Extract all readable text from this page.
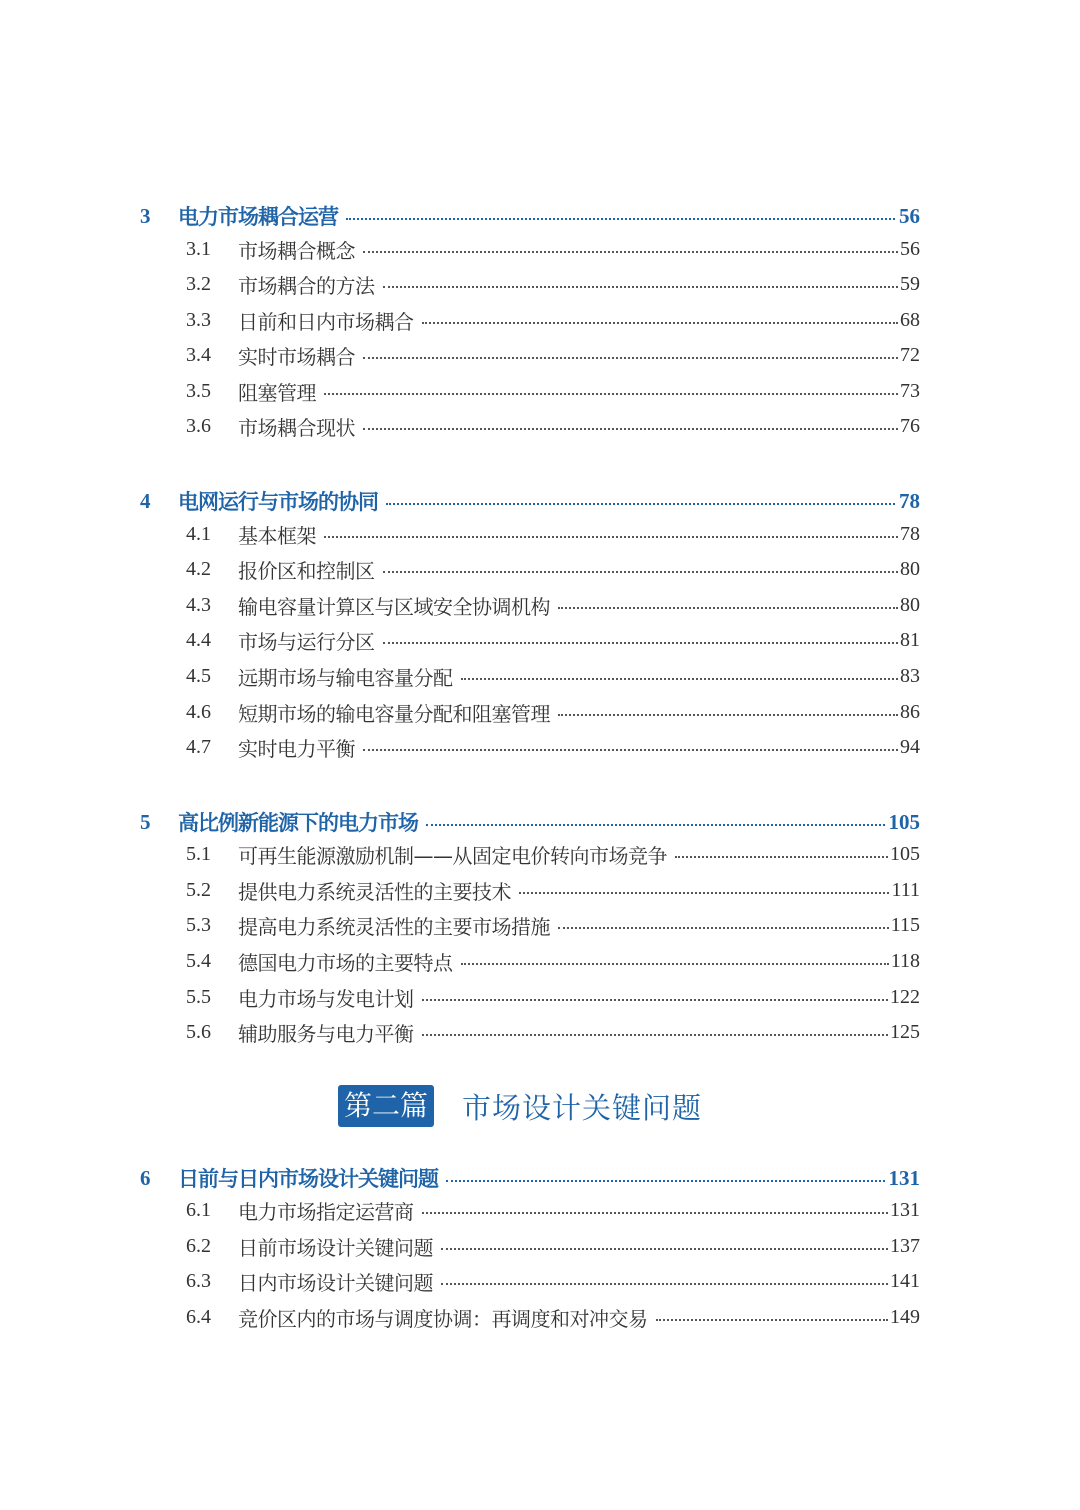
3	电力市场耦合运营	56
3.1	市场耦合概念	56
3.2	市场耦合的方法	59
3.3	日前和日内市场耦合	68
3.4	实时市场耦合	72
3.5	阻塞管理	73
3.6	市场耦合现状	76
4	电网运行与市场的协同	78
4.1	基本框架	78
4.2	报价区和控制区	80
4.3	输电容量计算区与区域安全协调机构	80
4.4	市场与运行分区	81
4.5	远期市场与输电容量分配	83
4.6	短期市场的输电容量分配和阻塞管理	86
4.7	实时电力平衡	94
5	高比例新能源下的电力市场	105
5.1	可再生能源激励机制——从固定电价转向市场竞争	105
5.2	提供电力系统灵活性的主要技术	111
5.3	提高电力系统灵活性的主要市场措施	115
5.4	德国电力市场的主要特点	118
5.5	电力市场与发电计划	122
5.6	辅助服务与电力平衡	125
第二篇 市场设计关键问题
6	日前与日内市场设计关键问题	131
6.1	电力市场指定运营商	131
6.2	日前市场设计关键问题	137
6.3	日内市场设计关键问题	141
6.4	竞价区内的市场与调度协调：再调度和对冲交易	149
